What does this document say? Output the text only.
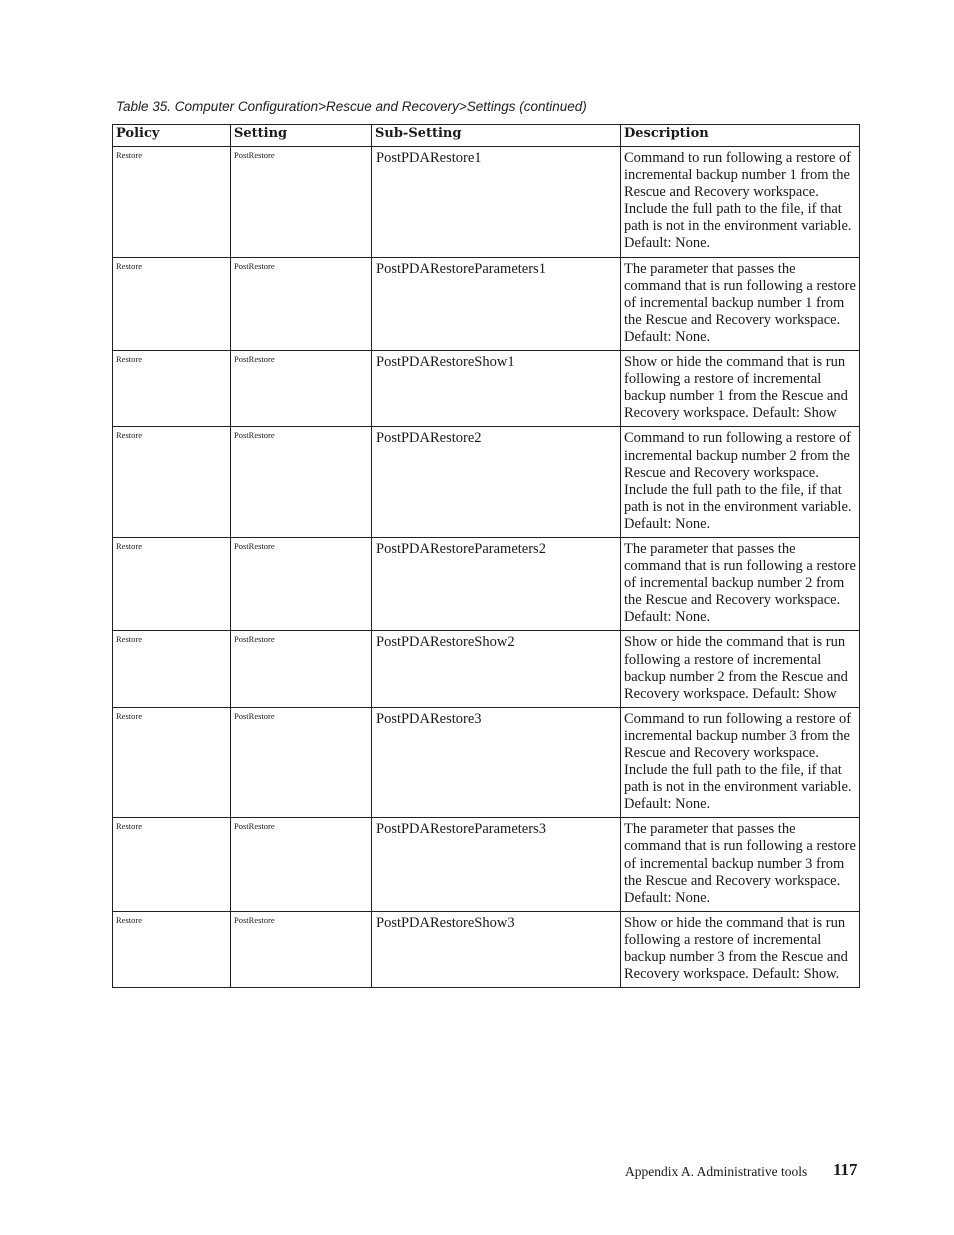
Table 35. Computer Configuration>Rescue and Recovery>Settings (continued)
Policy	Setting	Sub-Setting	Description
Restore	PostRestore	PostPDARestore1	Command to run following a restore of incremental backup number 1 from the Rescue and Recovery workspace. Include the full path to the file, if that path is not in the environment variable. Default: None.
Restore	PostRestore	PostPDARestoreParameters1	The parameter that passes the command that is run following a restore of incremental backup number 1 from the Rescue and Recovery workspace. Default: None.
Restore	PostRestore	PostPDARestoreShow1	Show or hide the command that is run following a restore of incremental backup number 1 from the Rescue and Recovery workspace. Default: Show
Restore	PostRestore	PostPDARestore2	Command to run following a restore of incremental backup number 2 from the Rescue and Recovery workspace. Include the full path to the file, if that path is not in the environment variable. Default: None.
Restore	PostRestore	PostPDARestoreParameters2	The parameter that passes the command that is run following a restore of incremental backup number 2 from the Rescue and Recovery workspace. Default: None.
Restore	PostRestore	PostPDARestoreShow2	Show or hide the command that is run following a restore of incremental backup number 2 from the Rescue and Recovery workspace. Default: Show
Restore	PostRestore	PostPDARestore3	Command to run following a restore of incremental backup number 3 from the Rescue and Recovery workspace. Include the full path to the file, if that path is not in the environment variable. Default: None.
Restore	PostRestore	PostPDARestoreParameters3	The parameter that passes the command that is run following a restore of incremental backup number 3 from the Rescue and Recovery workspace. Default: None.
Restore	PostRestore	PostPDARestoreShow3	Show or hide the command that is run following a restore of incremental backup number 3 from the Rescue and Recovery workspace. Default: Show.
Appendix A. Administrative tools 117
